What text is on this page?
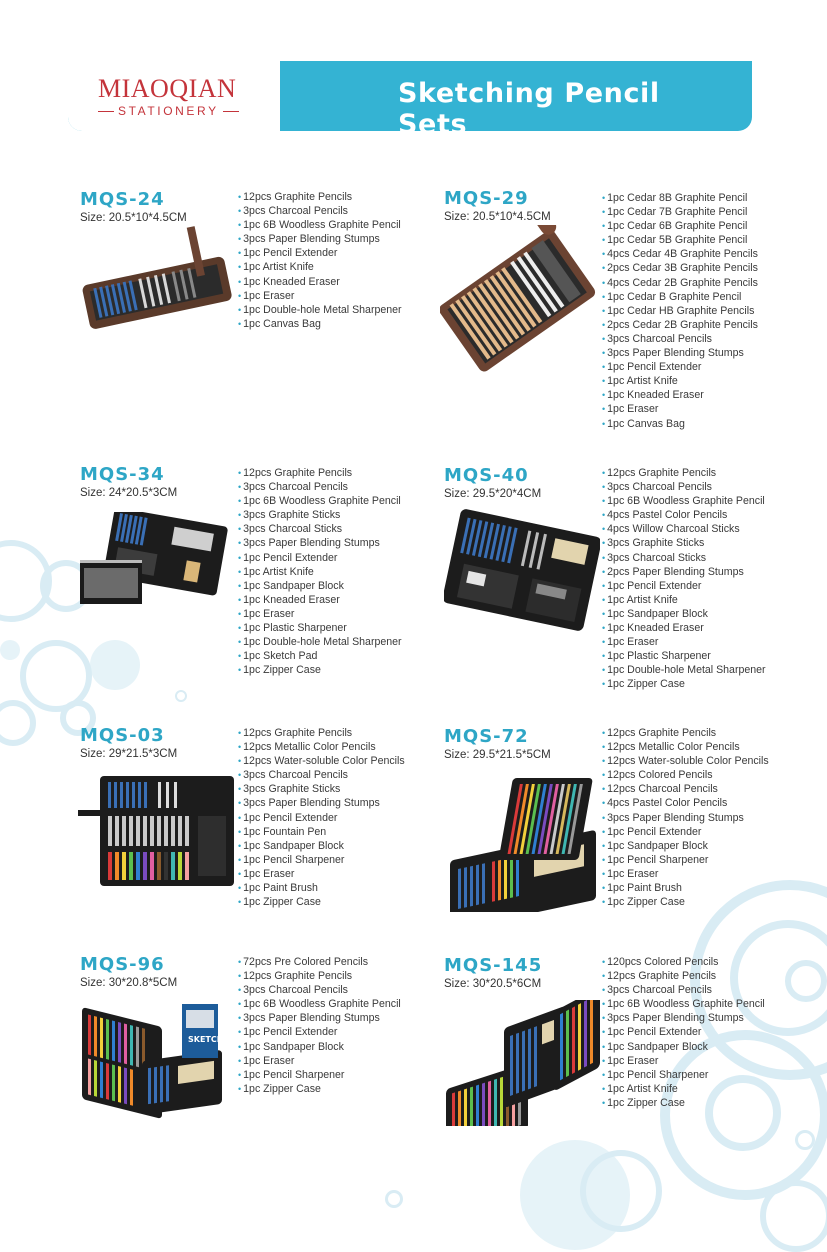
MIAOQIAN
STATIONERY
Sketching Pencil Sets
MQS-24
Size: 20.5*10*4.5CM
• 12pcs Graphite Pencils
• 3pcs Charcoal Pencils
• 1pc 6B Woodless Graphite Pencil
• 3pcs Paper Blending Stumps
• 1pc Pencil Extender
• 1pc Artist Knife
• 1pc Kneaded Eraser
• 1pc Eraser
• 1pc Double-hole Metal Sharpener
• 1pc Canvas Bag
MQS-29
Size: 20.5*10*4.5CM
• 1pc Cedar 8B Graphite Pencil
• 1pc Cedar 7B Graphite Pencil
• 1pc Cedar 6B Graphite Pencil
• 1pc Cedar 5B Graphite Pencil
• 4pcs Cedar 4B Graphite Pencils
• 2pcs Cedar 3B Graphite Pencils
• 4pcs Cedar 2B Graphite Pencils
• 1pc Cedar B Graphite Pencil
• 1pc Cedar HB Graphite Pencils
• 2pcs Cedar 2B Graphite Pencils
• 3pcs Charcoal Pencils
• 3pcs Paper Blending Stumps
• 1pc Pencil Extender
• 1pc Artist Knife
• 1pc Kneaded Eraser
• 1pc Eraser
• 1pc Canvas Bag
MQS-34
Size: 24*20.5*3CM
• 12pcs Graphite Pencils
• 3pcs Charcoal Pencils
• 1pc 6B Woodless Graphite Pencil
• 3pcs Graphite Sticks
• 3pcs Charcoal Sticks
• 3pcs Paper Blending Stumps
• 1pc Pencil Extender
• 1pc Artist Knife
• 1pc Sandpaper Block
• 1pc Kneaded Eraser
• 1pc Eraser
• 1pc Plastic Sharpener
• 1pc Double-hole Metal Sharpener
• 1pc Sketch Pad
• 1pc Zipper Case
MQS-40
Size: 29.5*20*4CM
• 12pcs Graphite Pencils
• 3pcs Charcoal Pencils
• 1pc 6B Woodless Graphite Pencil
• 4pcs Pastel Color Pencils
• 4pcs Willow Charcoal Sticks
• 3pcs Graphite Sticks
• 3pcs Charcoal Sticks
• 2pcs Paper Blending Stumps
• 1pc Pencil Extender
• 1pc Artist Knife
• 1pc Sandpaper Block
• 1pc Kneaded Eraser
• 1pc Eraser
• 1pc Plastic Sharpener
• 1pc Double-hole Metal Sharpener
• 1pc Zipper Case
MQS-03
Size: 29*21.5*3CM
• 12pcs Graphite Pencils
• 12pcs Metallic Color Pencils
• 12pcs Water-soluble Color Pencils
• 3pcs Charcoal Pencils
• 3pcs Graphite Sticks
• 3pcs Paper Blending Stumps
• 1pc Pencil Extender
• 1pc Fountain Pen
• 1pc Sandpaper Block
• 1pc Pencil Sharpener
• 1pc Eraser
• 1pc Paint Brush
• 1pc Zipper Case
MQS-72
Size: 29.5*21.5*5CM
• 12pcs Graphite Pencils
• 12pcs Metallic Color Pencils
• 12pcs Water-soluble Color Pencils
• 12pcs Colored Pencils
• 12pcs Charcoal Pencils
• 4pcs Pastel Color Pencils
• 3pcs Paper Blending Stumps
• 1pc Pencil Extender
• 1pc Sandpaper Block
• 1pc Pencil Sharpener
• 1pc Eraser
• 1pc Paint Brush
• 1pc Zipper Case
MQS-96
Size: 30*20.8*5CM
SKETCH
• 72pcs Pre Colored Pencils
• 12pcs Graphite Pencils
• 3pcs Charcoal Pencils
• 1pc 6B Woodless Graphite Pencil
• 3pcs Paper Blending Stumps
• 1pc Pencil Extender
• 1pc Sandpaper Block
• 1pc Eraser
• 1pc Pencil Sharpener
• 1pc Zipper Case
MQS-145
Size: 30*20.5*6CM
• 120pcs Colored Pencils
• 12pcs Graphite Pencils
• 3pcs Charcoal Pencils
• 1pc 6B Woodless Graphite Pencil
• 3pcs Paper Blending Stumps
• 1pc Pencil Extender
• 1pc Sandpaper Block
• 1pc Eraser
• 1pc Pencil Sharpener
• 1pc Artist Knife
• 1pc Zipper Case
